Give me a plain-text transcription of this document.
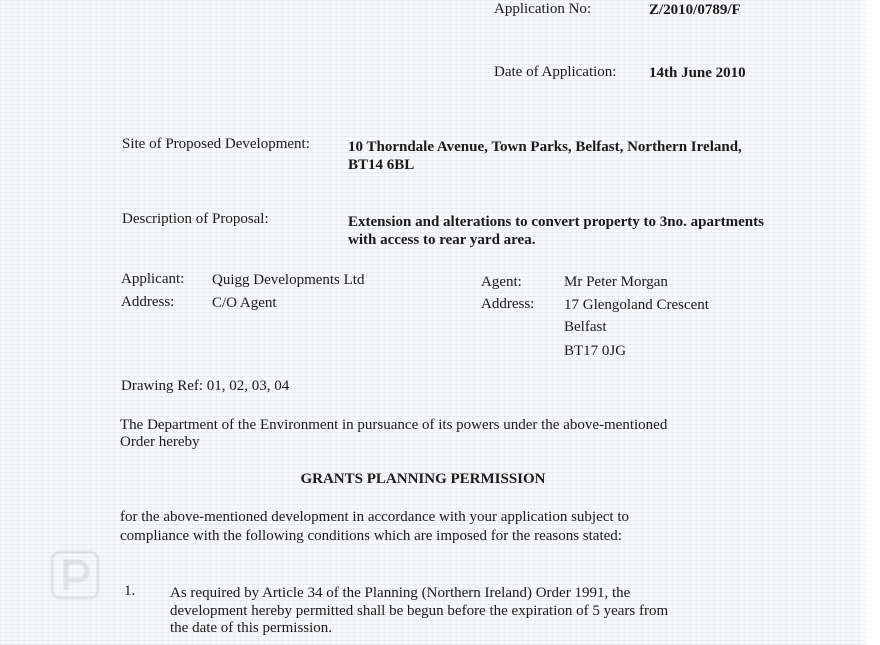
Application No:	Z/2010/0789/F
Date of Application: 14th June 2010
Site of Proposed Development:	10 Thorndale Avenue, Town Parks, Belfast, Northern Ireland,
BT14 6BL
Description of Proposal:	Extension and alterations to convert property to 3no. apartments
with access to rear yard area.
Applicant: Quigg Developments Ltd
Address:	C/O Agent
Agent:	Mr Peter Morgan
Address: 17 Glengoland Crescent
Belfast
BT17 0JG
Drawing Ref: 01, 02, 03, 04
The Department of the Environment in pursuance of its powers under the above-mentioned
Order hereby
GRANTS PLANNING PERMISSION
for the above-mentioned development in accordance with your application subject to
compliance with the following conditions which are imposed for the reasons stated:
1. As required by Article 34 of the Planning (Northern Ireland) Order 1991, the
development hereby permitted shall be begun before the expiration of 5 years from
the date of this permission.
